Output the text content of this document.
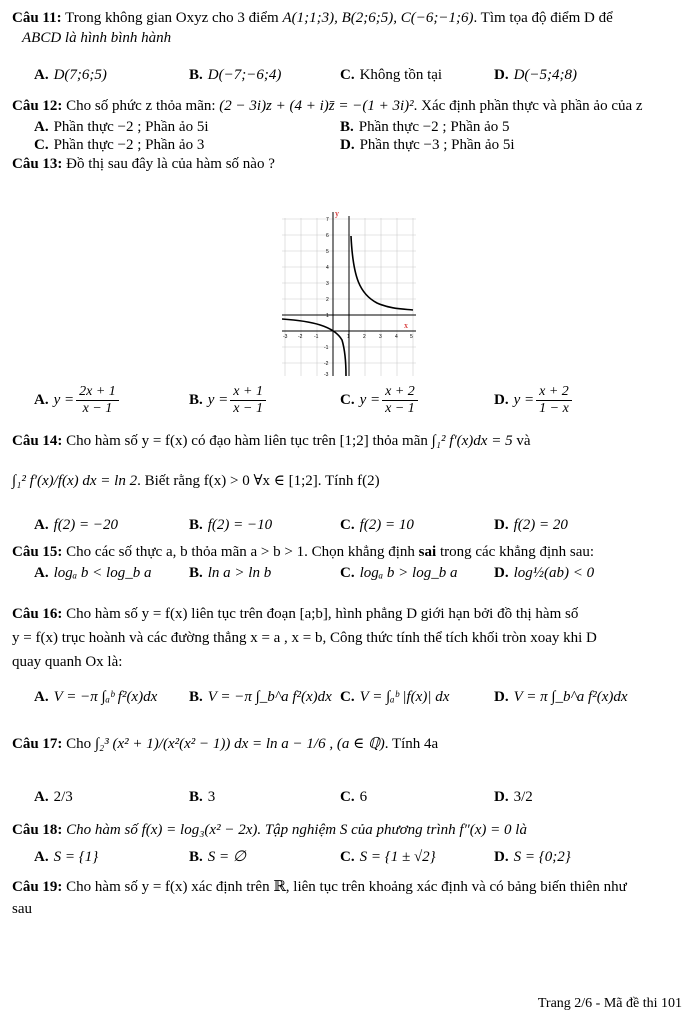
Câu 11: Trong không gian Oxyz cho 3 điểm A(1;1;3), B(2;6;5), C(−6;−1;6). Tìm tọa độ điểm D để
ABCD là hình bình hành
A. D(7;6;5)	B. D(−7;−6;4)	C. Không tồn tại	D. D(−5;4;8)
Câu 12: Cho số phức z thỏa mãn: (2 − 3i)z + (4 + i)z̄ = −(1 + 3i)². Xác định phần thực và phần ảo của z
A. Phần thực −2 ; Phần ảo 5i	B. Phần thực −2 ; Phần ảo 5
C. Phần thực −2 ; Phần ảo 3	D. Phần thực −3 ; Phần ảo 5i
Câu 13: Đồ thị sau đây là của hàm số nào ?
y
x
-3 -2 -1	1	2	3	4 5
7
6
5
4
3
2
1
-1
-2
-3
A. $y = \frac{2x + 1}{x - 1}$	B. $y = \frac{x + 1}{x - 1}$	C. $y = \frac{x + 2}{x - 1}$	D. $y = \frac{x + 2}{1 - x}$
Câu 14: Cho hàm số y = f(x) có đạo hàm liên tục trên [1;2] thỏa mãn ∫₁² f′(x)dx = 5 và
∫₁² f′(x)/f(x) dx = ln 2. Biết rằng f(x) > 0 ∀x ∈ [1;2]. Tính f(2)
A. f(2) = −20	B. f(2) = −10	C. f(2) = 10	D. f(2) = 20
Câu 15: Cho các số thực a, b thỏa mãn a > b > 1. Chọn khẳng định sai trong các khẳng định sau:
A. logₐ b < log_b a	B. ln a > ln b	C. logₐ b > log_b a D. log½(ab) < 0
Câu 16: Cho hàm số y = f(x) liên tục trên đoạn [a;b], hình phẳng D giới hạn bởi đồ thị hàm số
y = f(x) trục hoành và các đường thẳng x = a , x = b, Công thức tính thể tích khối tròn xoay khi D
quay quanh Ox là:
A. V = −π ∫ₐᵇ f²(x)dx B. V = −π ∫_b^a f²(x)dx C. V = ∫ₐᵇ |f(x)| dx	D. V = π ∫_b^a f²(x)dx
Câu 17: Cho ∫₂³ (x² + 1)/(x²(x² − 1)) dx = ln a − 1/6 , (a ∈ ℚ). Tính 4a
A. 2/3	B. 3	C. 6	D. 3/2
Câu 18: Cho hàm số f(x) = log₃(x² − 2x). Tập nghiệm S của phương trình f″(x) = 0 là
A. S = {1}	B. S = ∅	C. S = {1 ± √2}	D. S = {0;2}
Câu 19: Cho hàm số y = f(x) xác định trên ℝ, liên tục trên khoảng xác định và có bảng biến thiên như
sau
Trang 2/6 - Mã đề thi 101
